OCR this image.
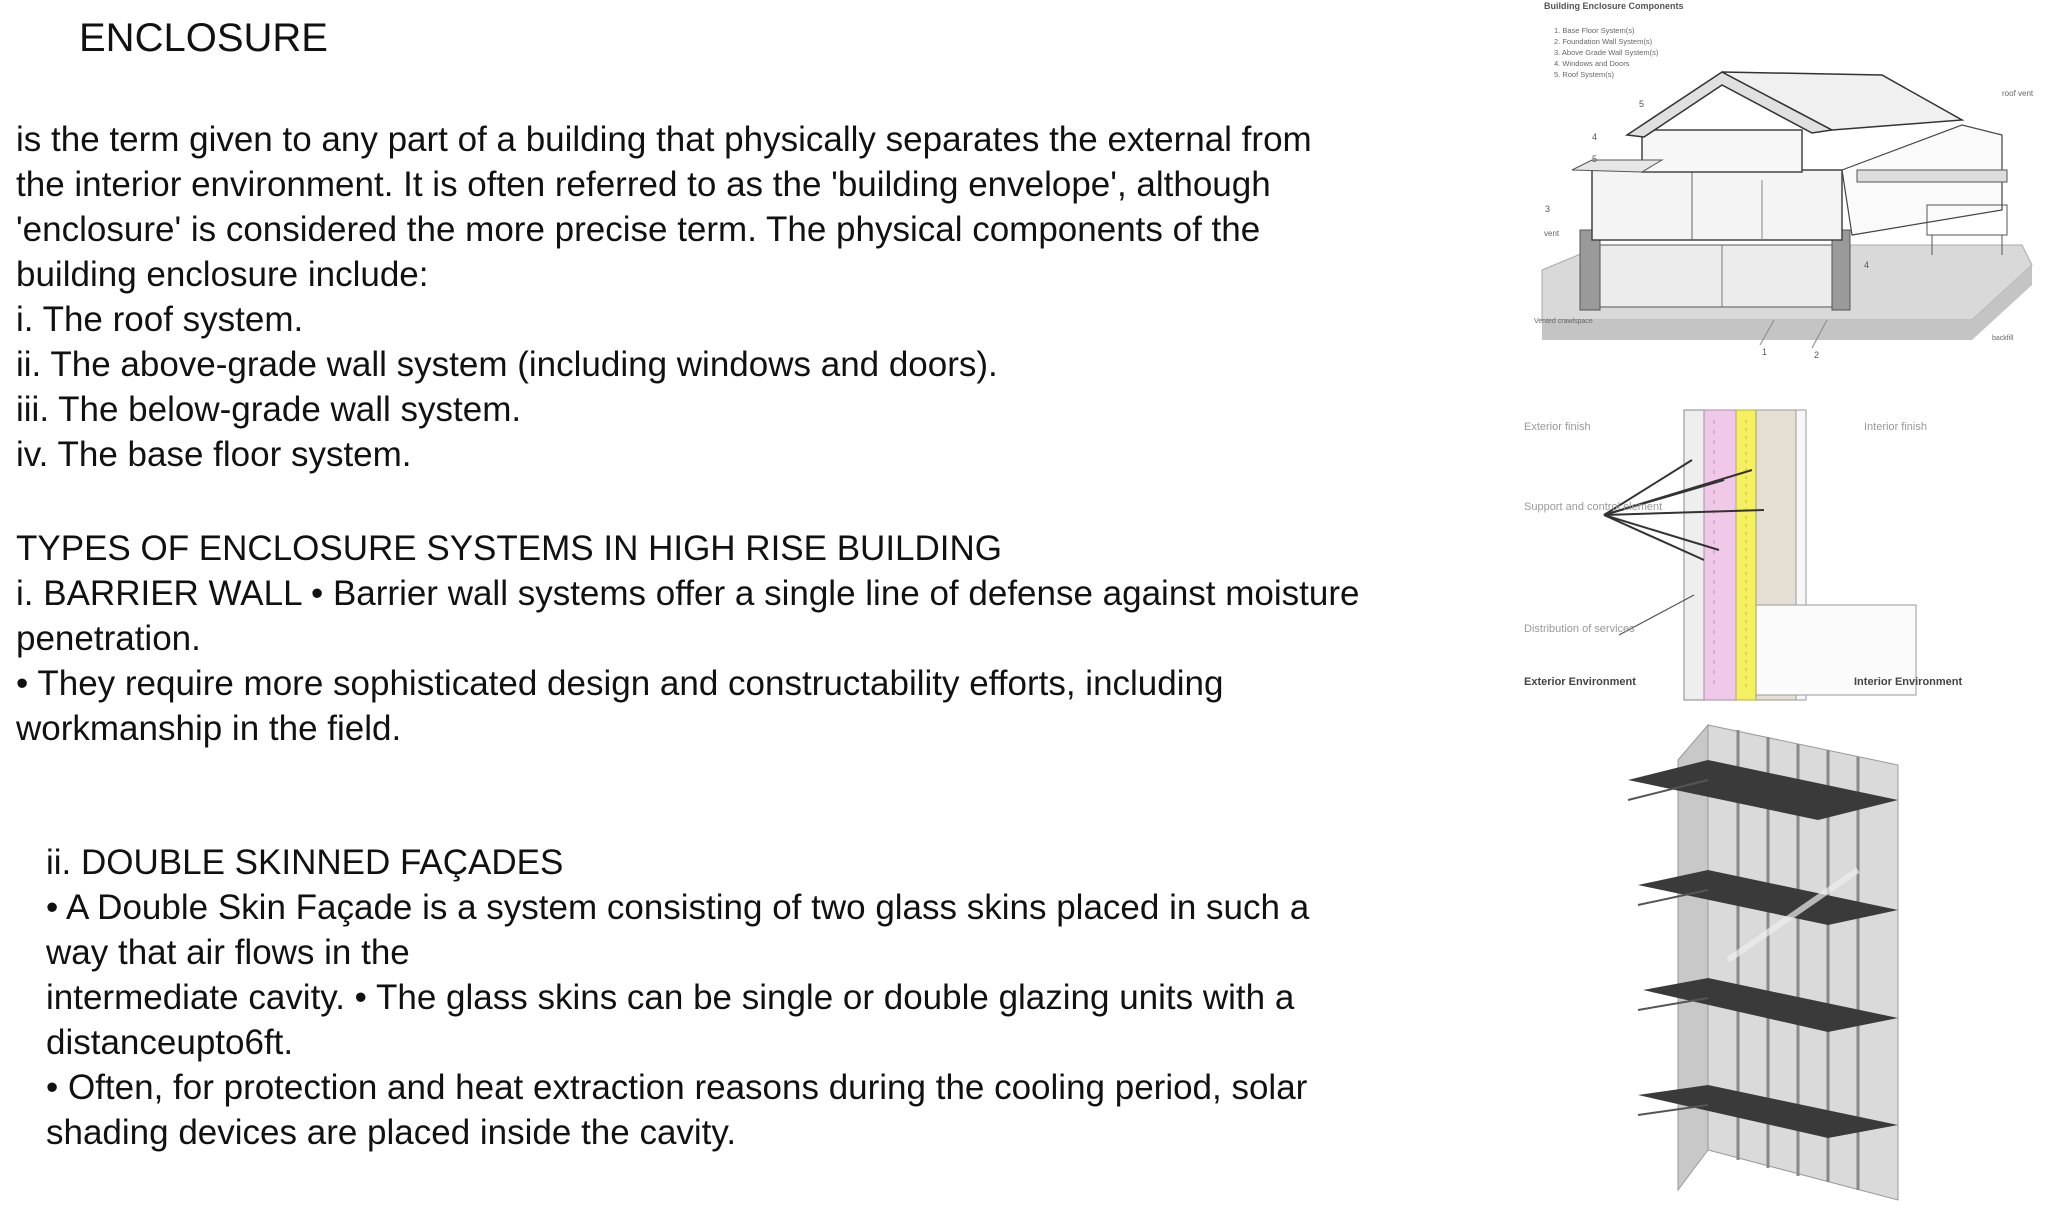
ENCLOSURE
is the term given to any part of a building that physically separates the external from
the interior environment. It is often referred to as the 'building envelope', although
'enclosure' is considered the more precise term. The physical components of the
building enclosure include:
i. The roof system.
ii. The above-grade wall system (including windows and doors).
iii. The below-grade wall system.
iv. The base floor system.
TYPES OF ENCLOSURE SYSTEMS IN HIGH RISE BUILDING
i. BARRIER WALL • Barrier wall systems offer a single line of defense against moisture
penetration.
• They require more sophisticated design and constructability efforts, including
workmanship in the field.
ii. DOUBLE SKINNED FAÇADES
• A Double Skin Façade is a system consisting of two glass skins placed in such a
way that air flows in the
intermediate cavity. • The glass skins can be single or double glazing units with a
distanceupto6ft.
• Often, for protection and heat extraction reasons during the cooling period, solar
shading devices are placed inside the cavity.
Building Enclosure Components
1. Base Floor System(s)
2. Foundation Wall System(s)
3. Above Grade Wall System(s)
4. Windows and Doors
5. Roof System(s)
roof vent
vent
Vented crawlspace
backfill
5
4
5
3
1	2
4
Exterior finish	Interior finish
Support and control element
Distribution of services
Exterior Environment	Interior Environment
